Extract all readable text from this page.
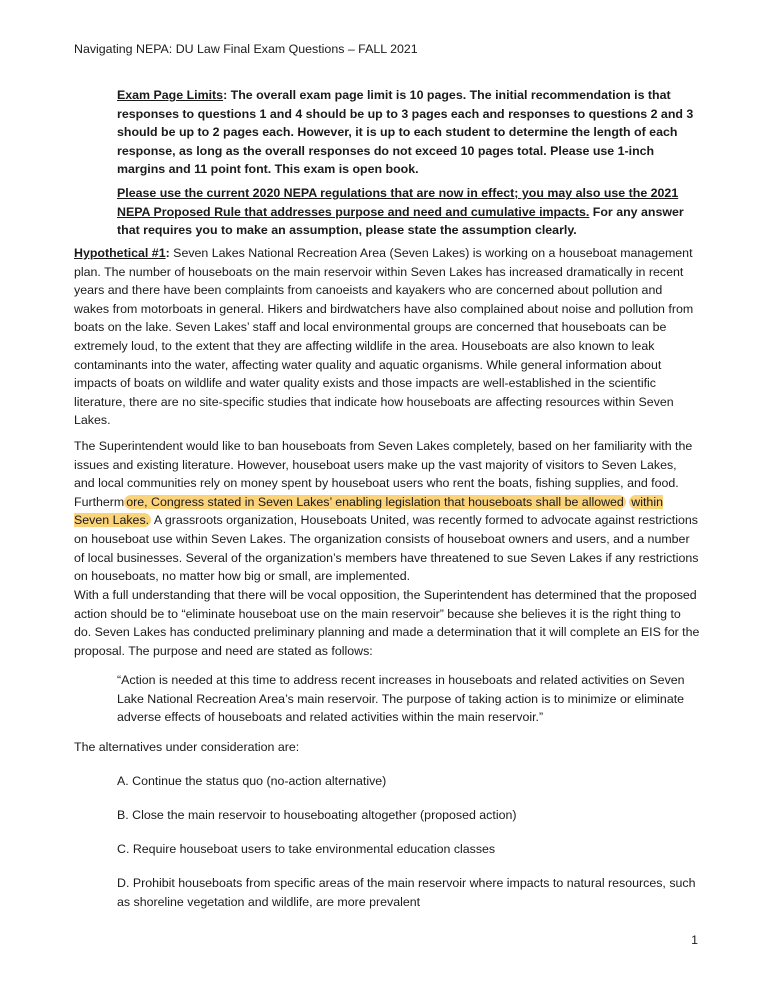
Navigating NEPA: DU Law Final Exam Questions – FALL 2021

Exam Page Limits: The overall exam page limit is 10 pages. The initial recommendation is that responses to questions 1 and 4 should be up to 3 pages each and responses to questions 2 and 3 should be up to 2 pages each. However, it is up to each student to determine the length of each response, as long as the overall responses do not exceed 10 pages total. Please use 1-inch margins and 11 point font. This exam is open book.

Please use the current 2020 NEPA regulations that are now in effect; you may also use the 2021 NEPA Proposed Rule that addresses purpose and need and cumulative impacts. For any answer that requires you to make an assumption, please state the assumption clearly.

Hypothetical #1: Seven Lakes National Recreation Area (Seven Lakes) is working on a houseboat management plan. The number of houseboats on the main reservoir within Seven Lakes has increased dramatically in recent years and there have been complaints from canoeists and kayakers who are concerned about pollution and wakes from motorboats in general. Hikers and birdwatchers have also complained about noise and pollution from boats on the lake. Seven Lakes’ staff and local environmental groups are concerned that houseboats can be extremely loud, to the extent that they are affecting wildlife in the area. Houseboats are also known to leak contaminants into the water, affecting water quality and aquatic organisms. While general information about impacts of boats on wildlife and water quality exists and those impacts are well-established in the scientific literature, there are no site-specific studies that indicate how houseboats are affecting resources within Seven Lakes.

The Superintendent would like to ban houseboats from Seven Lakes completely, based on her familiarity with the issues and existing literature. However, houseboat users make up the vast majority of visitors to Seven Lakes, and local communities rely on money spent by houseboat users who rent the boats, fishing supplies, and food. Furtherm ore, Congress stated in Seven Lakes’ enabling legislation that houseboats shall be allowed within Seven Lakes. A grassroots organization, Houseboats United, was recently formed to advocate against restrictions on houseboat use within Seven Lakes. The organization consists of houseboat owners and users, and a number of local businesses. Several of the organization’s members have threatened to sue Seven Lakes if any restrictions on houseboats, no matter how big or small, are implemented.

With a full understanding that there will be vocal opposition, the Superintendent has determined that the proposed action should be to “eliminate houseboat use on the main reservoir” because she believes it is the right thing to do. Seven Lakes has conducted preliminary planning and made a determination that it will complete an EIS for the proposal. The purpose and need are stated as follows:

“Action is needed at this time to address recent increases in houseboats and related activities on Seven Lake National Recreation Area’s main reservoir. The purpose of taking action is to minimize or eliminate adverse effects of houseboats and related activities within the main reservoir.”

The alternatives under consideration are:

A. Continue the status quo (no-action alternative)

B. Close the main reservoir to houseboating altogether (proposed action)

C. Require houseboat users to take environmental education classes

D. Prohibit houseboats from specific areas of the main reservoir where impacts to natural resources, such as shoreline vegetation and wildlife, are more prevalent

1
